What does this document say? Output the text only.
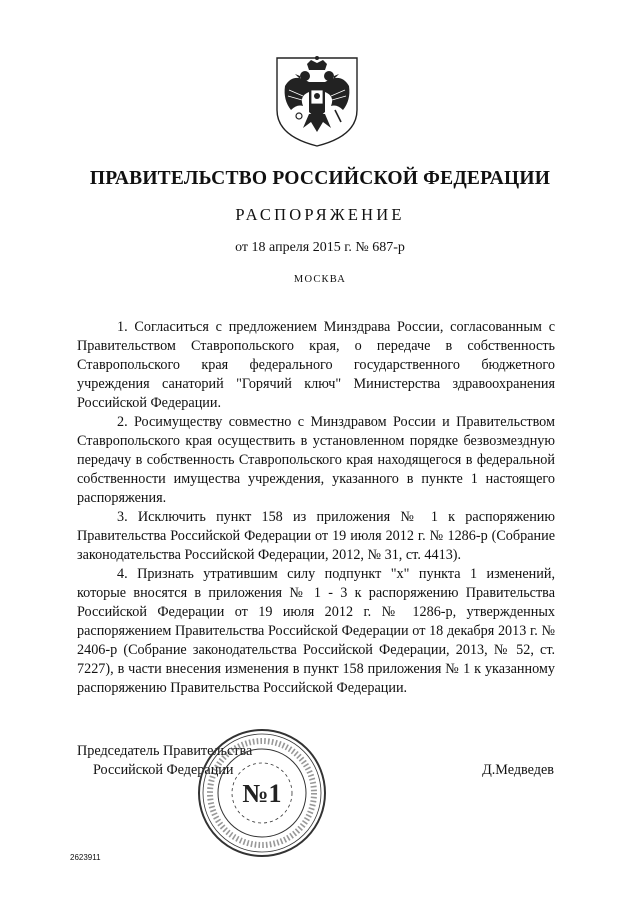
ПРАВИТЕЛЬСТВО РОССИЙСКОЙ ФЕДЕРАЦИИ
РАСПОРЯЖЕНИЕ
от 18 апреля 2015 г. № 687-р
МОСКВА

1. Согласиться с предложением Минздрава России, согласованным с Правительством Ставропольского края, о передаче в собственность Ставропольского края федерального государственного бюджетного учреждения санаторий "Горячий ключ" Министерства здравоохранения Российской Федерации.

2. Росимуществу совместно с Минздравом России и Правительством Ставропольского края осуществить в установленном порядке безвозмездную передачу в собственность Ставропольского края находящегося в федеральной собственности имущества учреждения, указанного в пункте 1 настоящего распоряжения.

3. Исключить пункт 158 из приложения № 1 к распоряжению Правительства Российской Федерации от 19 июля 2012 г. № 1286-р (Собрание законодательства Российской Федерации, 2012, № 31, ст. 4413).

4. Признать утратившим силу подпункт "х" пункта 1 изменений, которые вносятся в приложения № 1 - 3 к распоряжению Правительства Российской Федерации от 19 июля 2012 г. № 1286-р, утвержденных распоряжением Правительства Российской Федерации от 18 декабря 2013 г. № 2406-р (Собрание законодательства Российской Федерации, 2013, № 52, ст. 7227), в части внесения изменения в пункт 158 приложения № 1 к указанному распоряжению Правительства Российской Федерации.

Председатель Правительства
Российской Федерации	Д.Медведев
№1
2623911
